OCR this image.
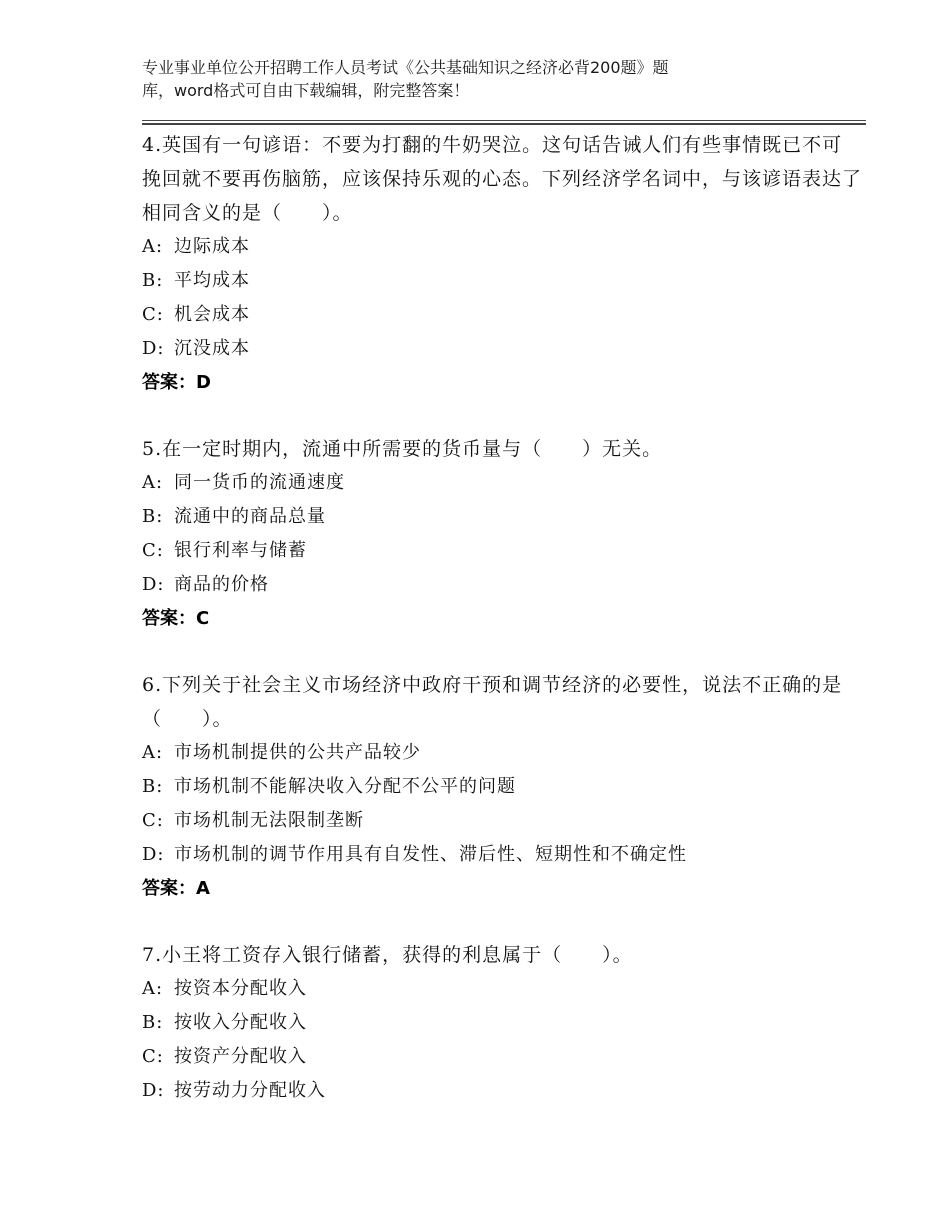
专业事业单位公开招聘工作人员考试《公共基础知识之经济必背200题》题
库，word格式可自由下载编辑，附完整答案！
4.英国有一句谚语：不要为打翻的牛奶哭泣。这句话告诫人们有些事情既已不可挽回就不要再伤脑筋，应该保持乐观的心态。下列经济学名词中，与该谚语表达了相同含义的是（　　）。
A: 边际成本
B: 平均成本
C: 机会成本
D: 沉没成本
答案：D
5.在一定时期内，流通中所需要的货币量与（　　）无关。
A: 同一货币的流通速度
B: 流通中的商品总量
C: 银行利率与储蓄
D: 商品的价格
答案：C
6.下列关于社会主义市场经济中政府干预和调节经济的必要性，说法不正确的是（　　）。
A: 市场机制提供的公共产品较少
B: 市场机制不能解决收入分配不公平的问题
C: 市场机制无法限制垄断
D: 市场机制的调节作用具有自发性、滞后性、短期性和不确定性
答案：A
7.小王将工资存入银行储蓄，获得的利息属于（　　）。
A: 按资本分配收入
B: 按收入分配收入
C: 按资产分配收入
D: 按劳动力分配收入
